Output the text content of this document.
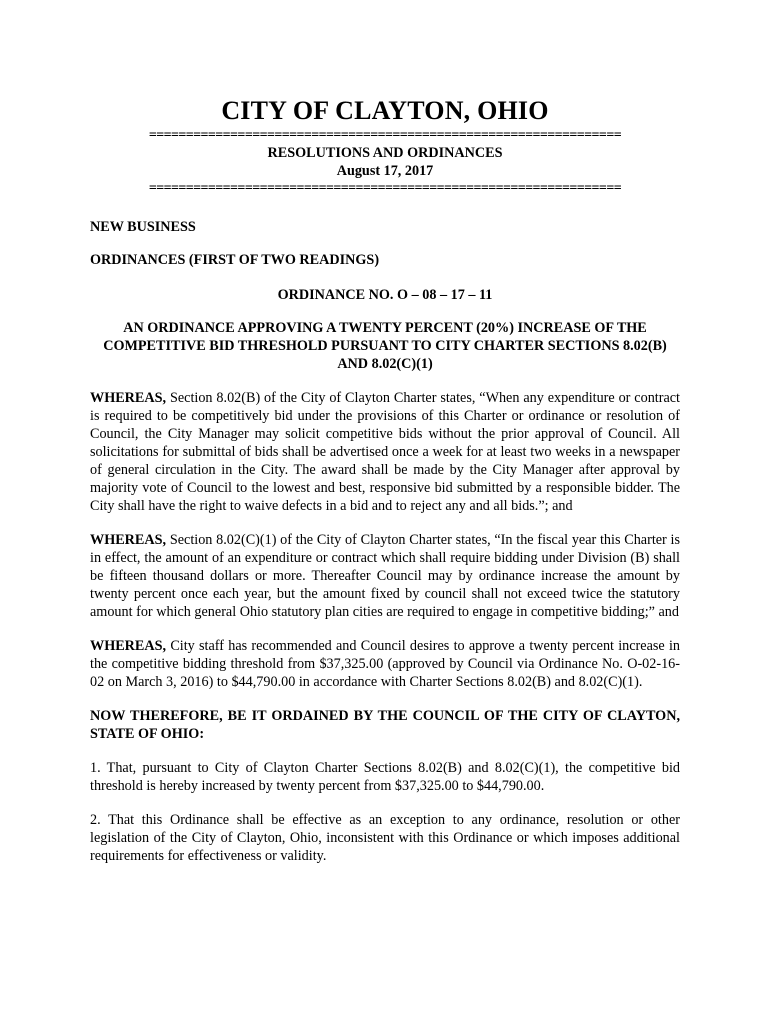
CITY OF CLAYTON, OHIO
================================================================
RESOLUTIONS AND ORDINANCES
August 17, 2017
================================================================

NEW BUSINESS

ORDINANCES (FIRST OF TWO READINGS)

ORDINANCE NO. O – 08 – 17 – 11

AN ORDINANCE APPROVING A TWENTY PERCENT (20%) INCREASE OF THE COMPETITIVE BID THRESHOLD PURSUANT TO CITY CHARTER SECTIONS 8.02(B) AND 8.02(C)(1)

WHEREAS, Section 8.02(B) of the City of Clayton Charter states, “When any expenditure or contract is required to be competitively bid under the provisions of this Charter or ordinance or resolution of Council, the City Manager may solicit competitive bids without the prior approval of Council. All solicitations for submittal of bids shall be advertised once a week for at least two weeks in a newspaper of general circulation in the City. The award shall be made by the City Manager after approval by majority vote of Council to the lowest and best, responsive bid submitted by a responsible bidder. The City shall have the right to waive defects in a bid and to reject any and all bids.”; and

WHEREAS, Section 8.02(C)(1) of the City of Clayton Charter states, “In the fiscal year this Charter is in effect, the amount of an expenditure or contract which shall require bidding under Division (B) shall be fifteen thousand dollars or more. Thereafter Council may by ordinance increase the amount by twenty percent once each year, but the amount fixed by council shall not exceed twice the statutory amount for which general Ohio statutory plan cities are required to engage in competitive bidding;” and

WHEREAS, City staff has recommended and Council desires to approve a twenty percent increase in the competitive bidding threshold from $37,325.00 (approved by Council via Ordinance No. O-02-16-02 on March 3, 2016) to $44,790.00 in accordance with Charter Sections 8.02(B) and 8.02(C)(1).

NOW THEREFORE, BE IT ORDAINED BY THE COUNCIL OF THE CITY OF CLAYTON, STATE OF OHIO:

1. That, pursuant to City of Clayton Charter Sections 8.02(B) and 8.02(C)(1), the competitive bid threshold is hereby increased by twenty percent from $37,325.00 to $44,790.00.

2. That this Ordinance shall be effective as an exception to any ordinance, resolution or other legislation of the City of Clayton, Ohio, inconsistent with this Ordinance or which imposes additional requirements for effectiveness or validity.
